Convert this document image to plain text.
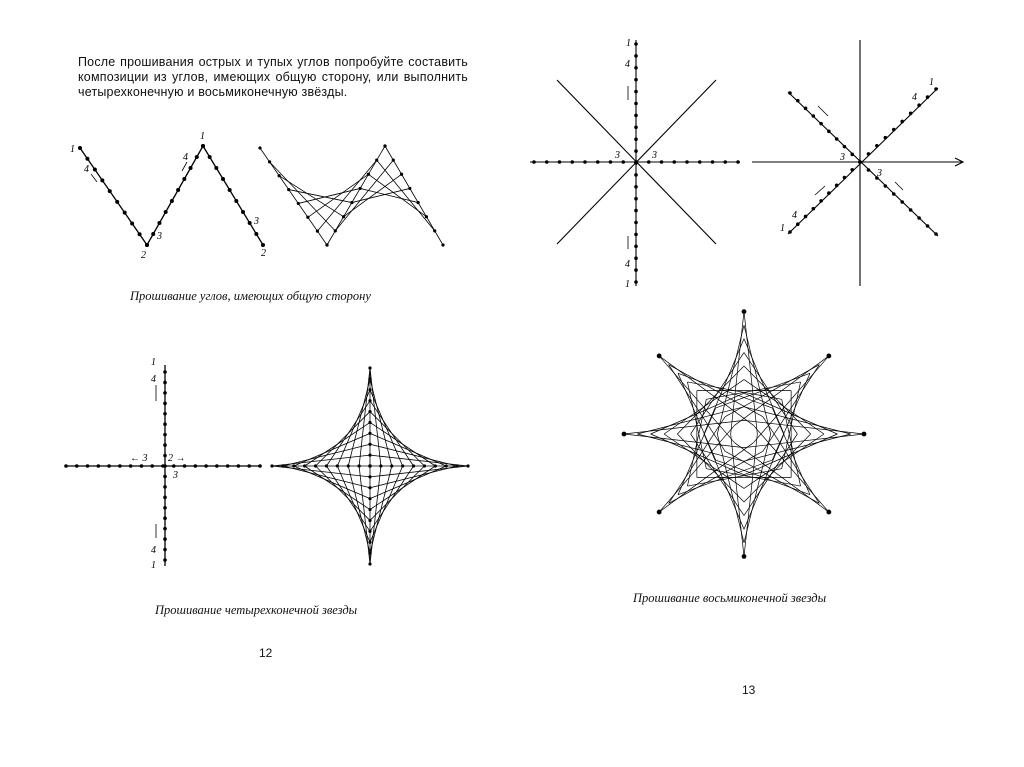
После прошивания острых и тупых углов попробуйте составить композиции из углов, имеющих общую сторону, или выполнить четырехконечную и восьмиконечную звёзды.

1
4
1
4
3
2
3
2
1
4
← 3 2 →
3
4
1
1
4
3	3
4
1
1
4
3
3
4
1

Прошивание углов, имеющих общую сторону

Прошивание четырехконечной звезды

12

Прошивание восьмиконечной звезды

13
